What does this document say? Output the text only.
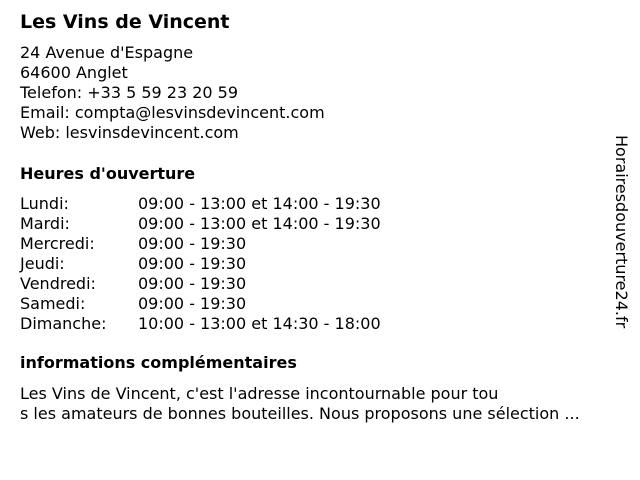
Les Vins de Vincent
24 Avenue d'Espagne
64600 Anglet
Telefon: +33 5 59 23 20 59
Email: compta@lesvinsdevincent.com
Web: lesvinsdevincent.com
Heures d'ouverture
Lundi:	09:00 - 13:00 et 14:00 - 19:30
Mardi:	09:00 - 13:00 et 14:00 - 19:30
Mercredi:	09:00 - 19:30
Jeudi:	09:00 - 19:30
Vendredi:	09:00 - 19:30
Samedi:	09:00 - 19:30
Dimanche: 10:00 - 13:00 et 14:30 - 18:00
informations complémentaires
Les Vins de Vincent, c'est l'adresse incontournable pour tou
s les amateurs de bonnes bouteilles. Nous proposons une sélection ...
Horairesdouverture24.fr
